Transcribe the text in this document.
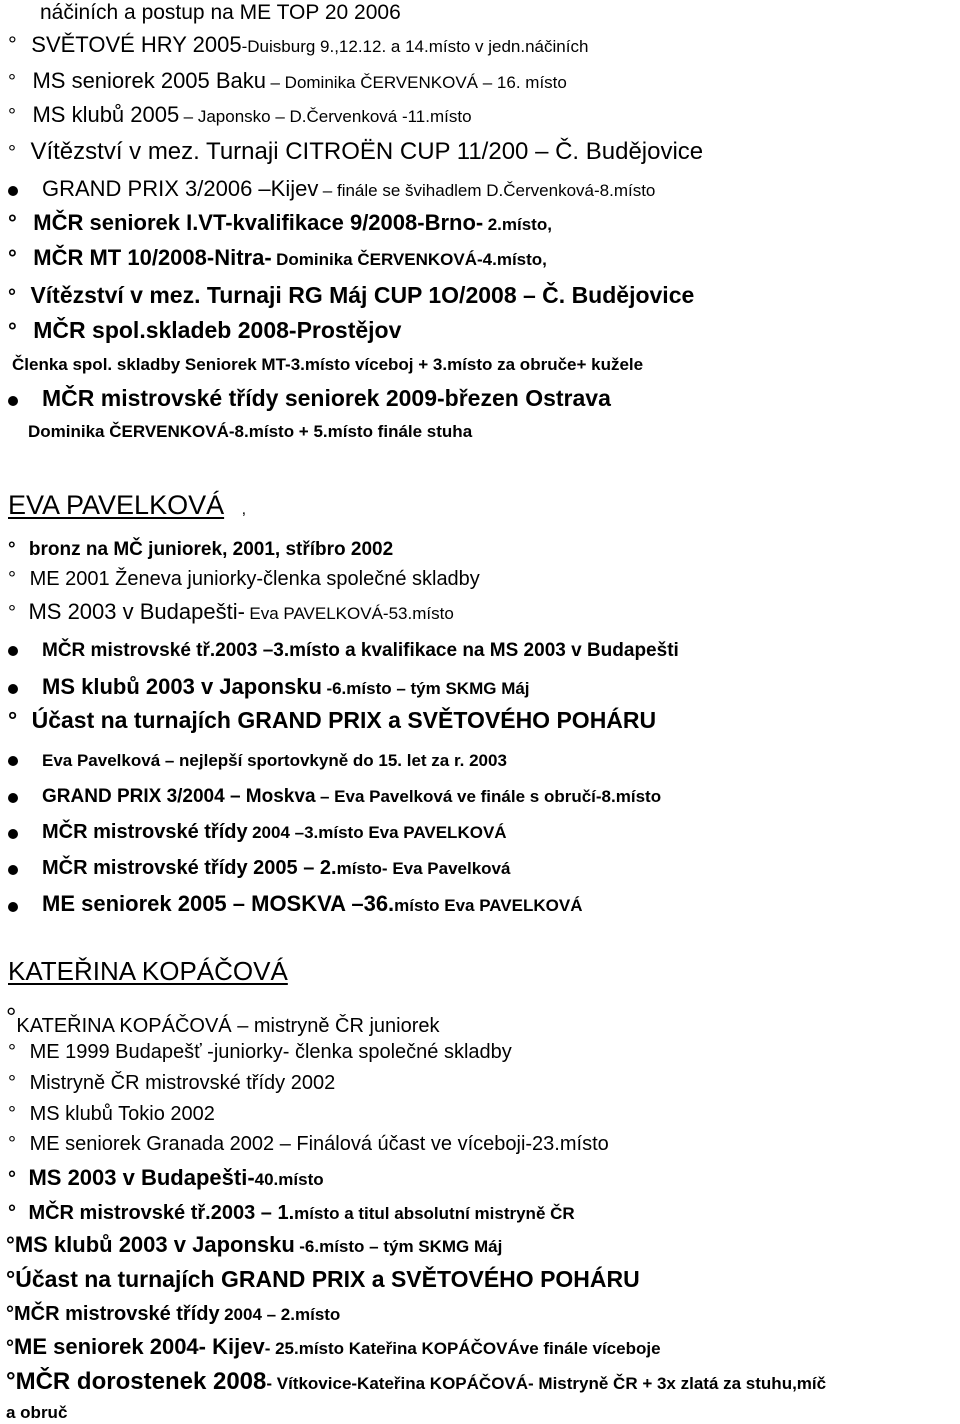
náčiních a postup na ME TOP 20 2006
° SVĚTOVÉ HRY 2005-Duisburg 9.,12.12. a 14.místo v jedn.náčiních
° MS seniorek 2005 Baku – Dominika ČERVENKOVÁ – 16. místo
° MS klubů 2005 – Japonsko – D.Červenková -11.místo
° Vítězství v mez. Turnaji CITROËN CUP 11/200 – Č. Budějovice
GRAND PRIX 3/2006 –Kijev – finále se švihadlem D.Červenková-8.místo
° MČR seniorek I.VT-kvalifikace 9/2008-Brno- 2.místo,
° MČR MT 10/2008-Nitra- Dominika ČERVENKOVÁ-4.místo,
° Vítězství v mez. Turnaji RG Máj CUP 1O/2008 – Č. Budějovice
° MČR spol.skladeb 2008-Prostějov
Členka spol. skladby Seniorek MT-3.místo víceboj + 3.místo za obruče+ kužele
MČR mistrovské třídy seniorek 2009-březen Ostrava
Dominika ČERVENKOVÁ-8.místo + 5.místo finále stuha
EVA PAVELKOVÁ ,
° bronz na MČ juniorek, 2001, stříbro 2002
° ME 2001 Ženeva juniorky-členka společné skladby
° MS 2003 v Budapešti- Eva PAVELKOVÁ-53.místo
MČR mistrovské tř.2003 –3.místo a kvalifikace na MS 2003 v Budapešti
MS klubů 2003 v Japonsku -6.místo – tým SKMG Máj
° Účast na turnajích GRAND PRIX a SVĚTOVÉHO POHÁRU
Eva Pavelková – nejlepší sportovkyně do 15. let za r. 2003
GRAND PRIX 3/2004 – Moskva – Eva Pavelková ve finále s obručí-8.místo
MČR mistrovské třídy 2004 –3.místo Eva PAVELKOVÁ
MČR mistrovské třídy 2005 – 2.místo- Eva Pavelková
ME seniorek 2005 – MOSKVA –36.místo Eva PAVELKOVÁ
KATEŘINA KOPÁČOVÁ
°KATEŘINA KOPÁČOVÁ – mistryně ČR juniorek
° ME 1999 Budapešť -juniorky- členka společné skladby
° Mistryně ČR mistrovské třídy 2002
° MS klubů Tokio 2002
° ME seniorek Granada 2002 – Finálová účast ve víceboji-23.místo
° MS 2003 v Budapešti-40.místo
° MČR mistrovské tř.2003 – 1.místo a titul absolutní mistryně ČR
°MS klubů 2003 v Japonsku -6.místo – tým SKMG Máj
°Účast na turnajích GRAND PRIX a SVĚTOVÉHO POHÁRU
°MČR mistrovské třídy 2004 – 2.místo
°ME seniorek 2004- Kijev- 25.místo Kateřina KOPÁČOVÁve finále víceboje
°MČR dorostenek 2008- Vítkovice-Kateřina KOPÁČOVÁ- Mistryně ČR + 3x zlatá za stuhu,míč
a obruč
